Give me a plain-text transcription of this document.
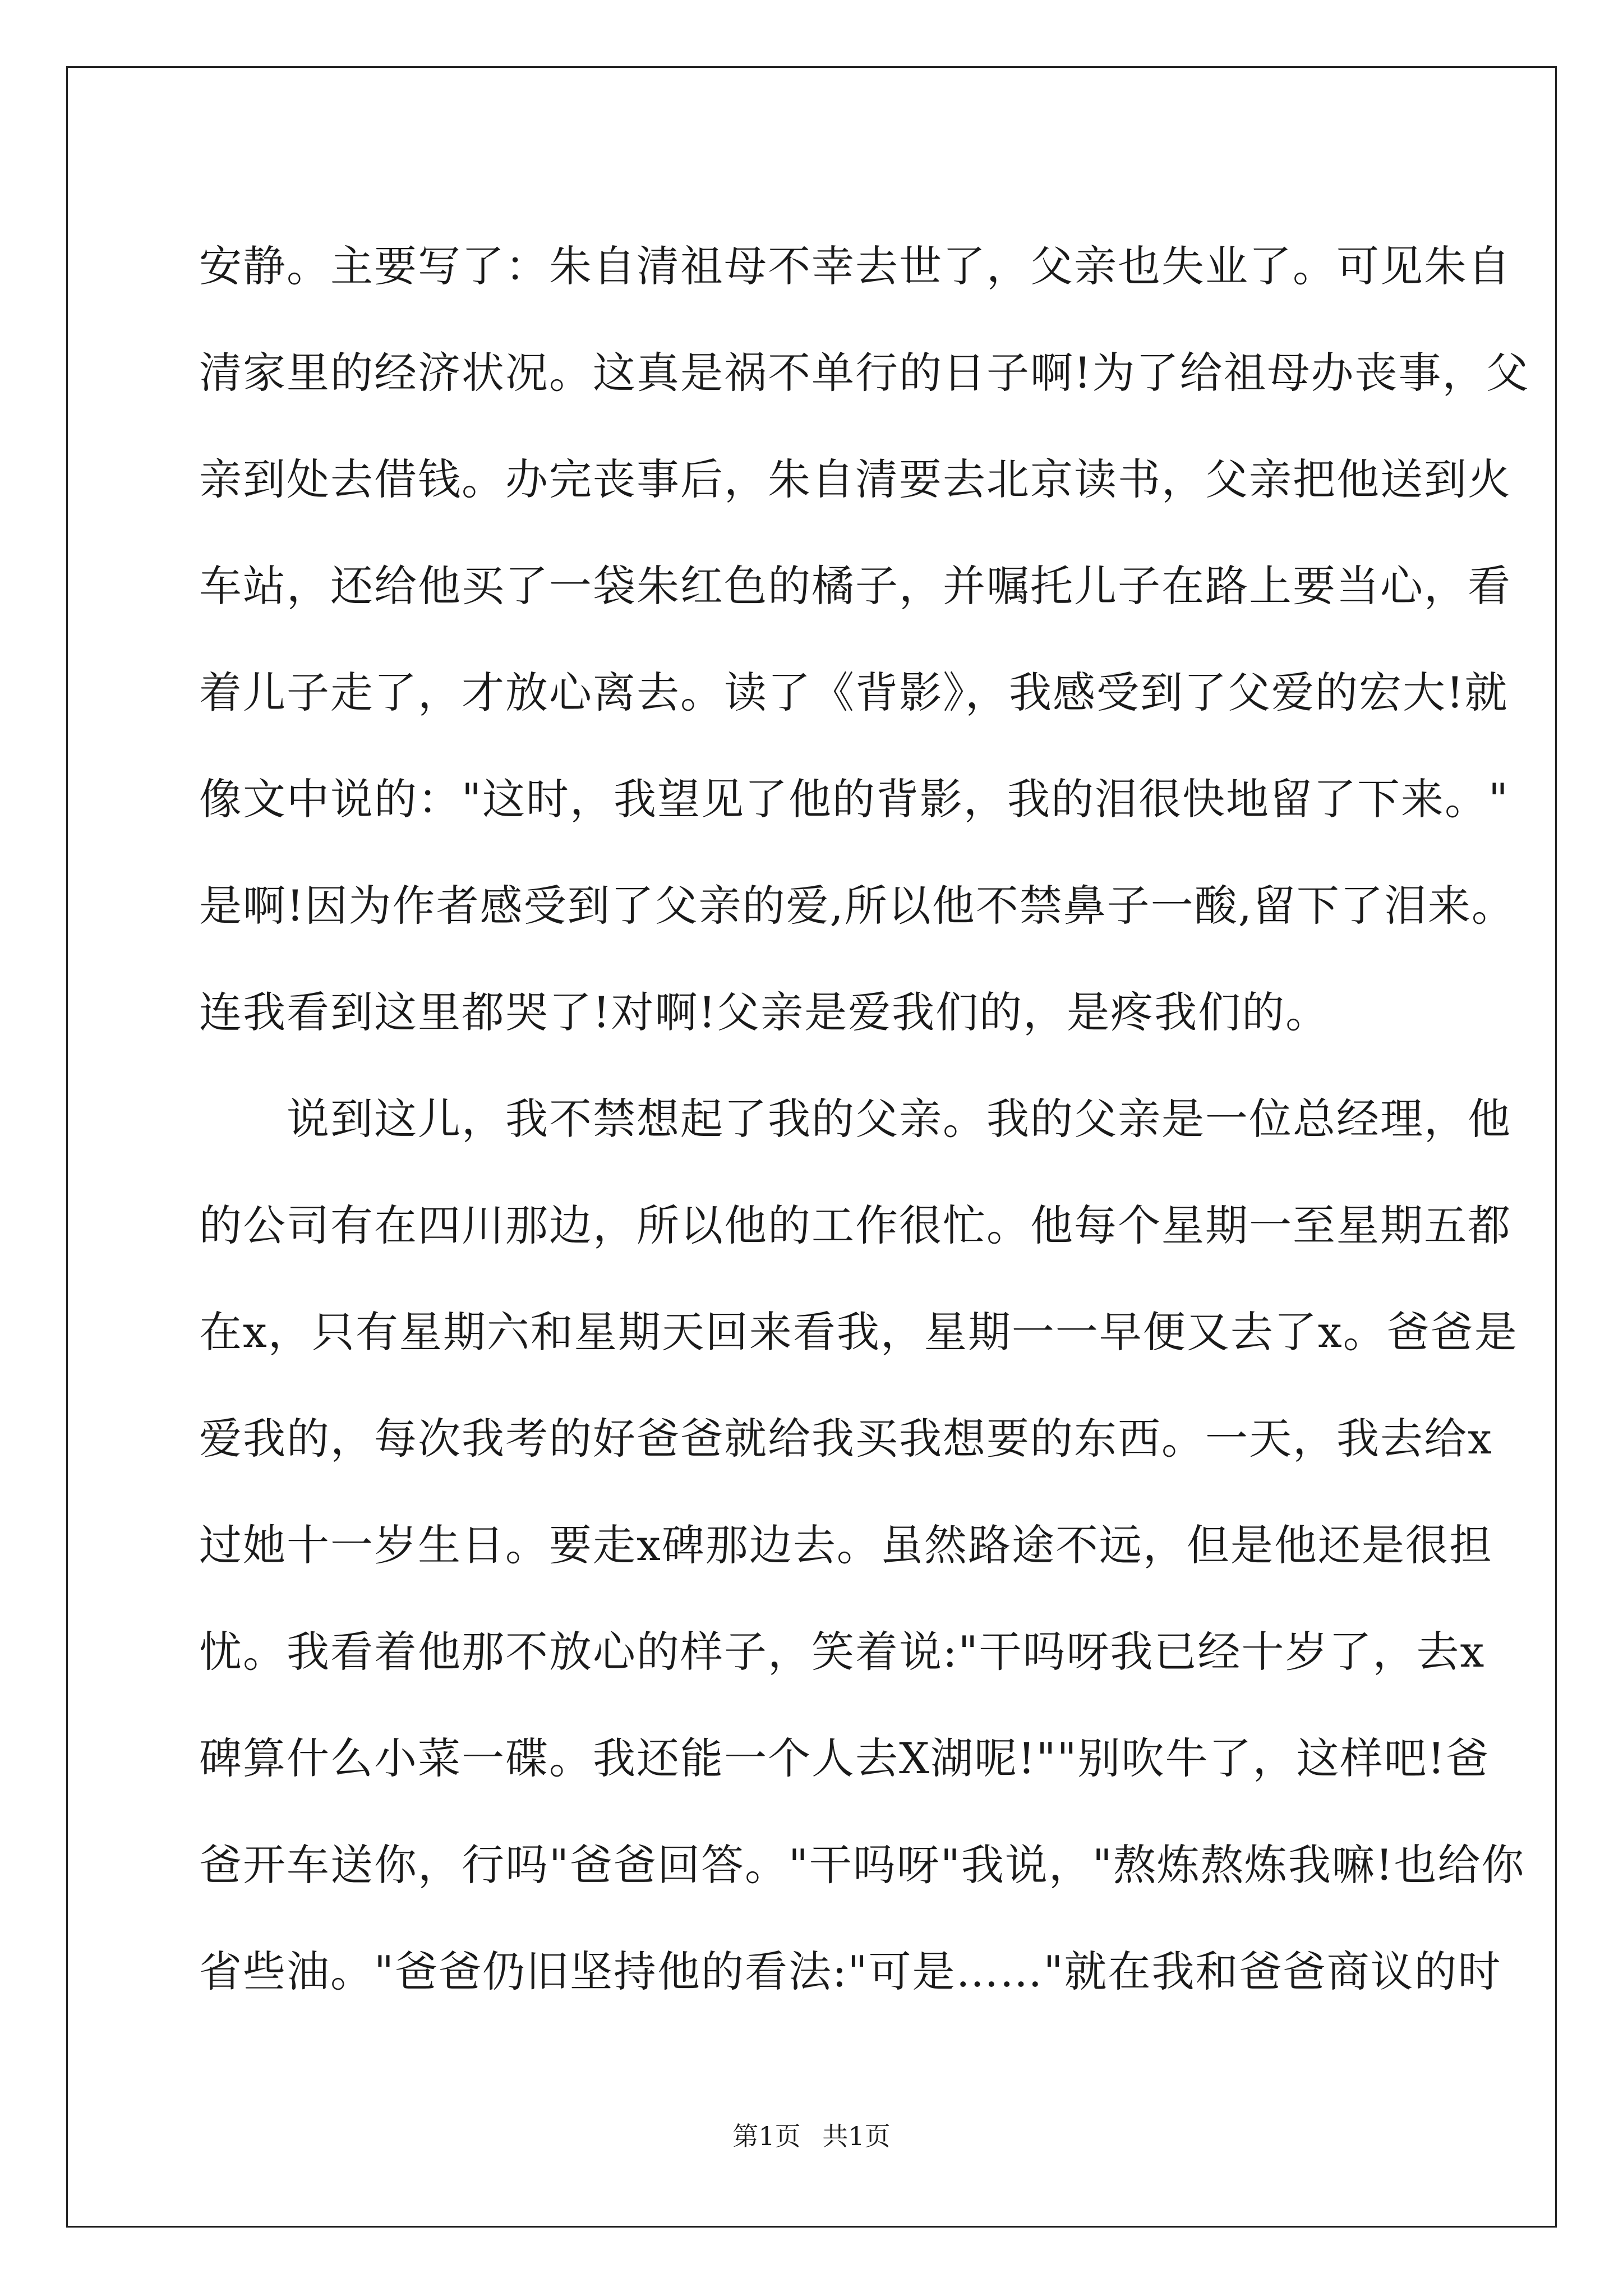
安静。主要写了：朱自清祖母不幸去世了，父亲也失业了。可见朱自
清家里的经济状况。这真是祸不单行的日子啊!为了给祖母办丧事，父
亲到处去借钱。办完丧事后，朱自清要去北京读书，父亲把他送到火
车站，还给他买了一袋朱红色的橘子，并嘱托儿子在路上要当心，看
着儿子走了，才放心离去。读了《背影》，我感受到了父爱的宏大!就
像文中说的："这时，我望见了他的背影，我的泪很快地留了下来。"
是啊!因为作者感受到了父亲的爱,所以他不禁鼻子一酸,留下了泪来。
连我看到这里都哭了!对啊!父亲是爱我们的，是疼我们的。
　　说到这儿，我不禁想起了我的父亲。我的父亲是一位总经理，他
的公司有在四川那边，所以他的工作很忙。他每个星期一至星期五都
在x，只有星期六和星期天回来看我，星期一一早便又去了x。爸爸是
爱我的，每次我考的好爸爸就给我买我想要的东西。一天，我去给x
过她十一岁生日。要走x碑那边去。虽然路途不远，但是他还是很担
忧。我看着他那不放心的样子，笑着说:"干吗呀我已经十岁了，去x
碑算什么小菜一碟。我还能一个人去X湖呢!""别吹牛了，这样吧!爸
爸开车送你，行吗"爸爸回答。"干吗呀"我说，"熬炼熬炼我嘛!也给你
省些油。"爸爸仍旧坚持他的看法:"可是……"就在我和爸爸商议的时
第1页 共1页
